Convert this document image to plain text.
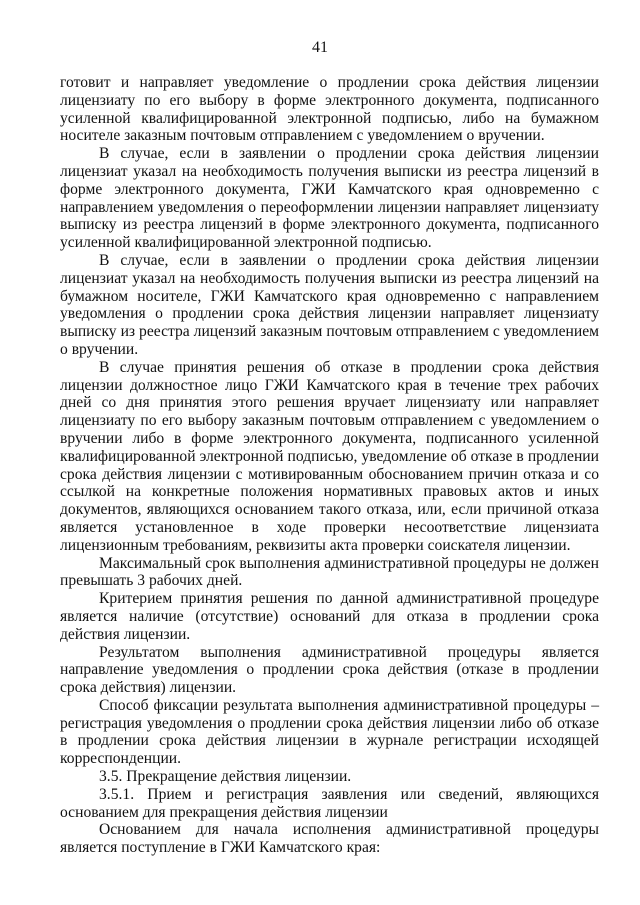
41

готовит и направляет уведомление о продлении срока действия лицензии лицензиату по его выбору в форме электронного документа, подписанного усиленной квалифицированной электронной подписью, либо на бумажном носителе заказным почтовым отправлением с уведомлением о вручении.

В случае, если в заявлении о продлении срока действия лицензии лицензиат указал на необходимость получения выписки из реестра лицензий в форме электронного документа, ГЖИ Камчатского края одновременно с направлением уведомления о переоформлении лицензии направляет лицензиату выписку из реестра лицензий в форме электронного документа, подписанного усиленной квалифицированной электронной подписью.

В случае, если в заявлении о продлении срока действия лицензии лицензиат указал на необходимость получения выписки из реестра лицензий на бумажном носителе, ГЖИ Камчатского края одновременно с направлением уведомления о продлении срока действия лицензии направляет лицензиату выписку из реестра лицензий заказным почтовым отправлением с уведомлением о вручении.

В случае принятия решения об отказе в продлении срока действия лицензии должностное лицо ГЖИ Камчатского края в течение трех рабочих дней со дня принятия этого решения вручает лицензиату или направляет лицензиату по его выбору заказным почтовым отправлением с уведомлением о вручении либо в форме электронного документа, подписанного усиленной квалифицированной электронной подписью, уведомление об отказе в продлении срока действия лицензии с мотивированным обоснованием причин отказа и со ссылкой на конкретные положения нормативных правовых актов и иных документов, являющихся основанием такого отказа, или, если причиной отказа является установленное в ходе проверки несоответствие лицензиата лицензионным требованиям, реквизиты акта проверки соискателя лицензии.

Максимальный срок выполнения административной процедуры не должен превышать 3 рабочих дней.

Критерием принятия решения по данной административной процедуре является наличие (отсутствие) оснований для отказа в продлении срока действия лицензии.

Результатом выполнения административной процедуры является направление уведомления о продлении срока действия (отказе в продлении срока действия) лицензии.

Способ фиксации результата выполнения административной процедуры – регистрация уведомления о продлении срока действия лицензии либо об отказе в продлении срока действия лицензии в журнале регистрации исходящей корреспонденции.

3.5. Прекращение действия лицензии.

3.5.1. Прием и регистрация заявления или сведений, являющихся основанием для прекращения действия лицензии

Основанием для начала исполнения административной процедуры является поступление в ГЖИ Камчатского края:
